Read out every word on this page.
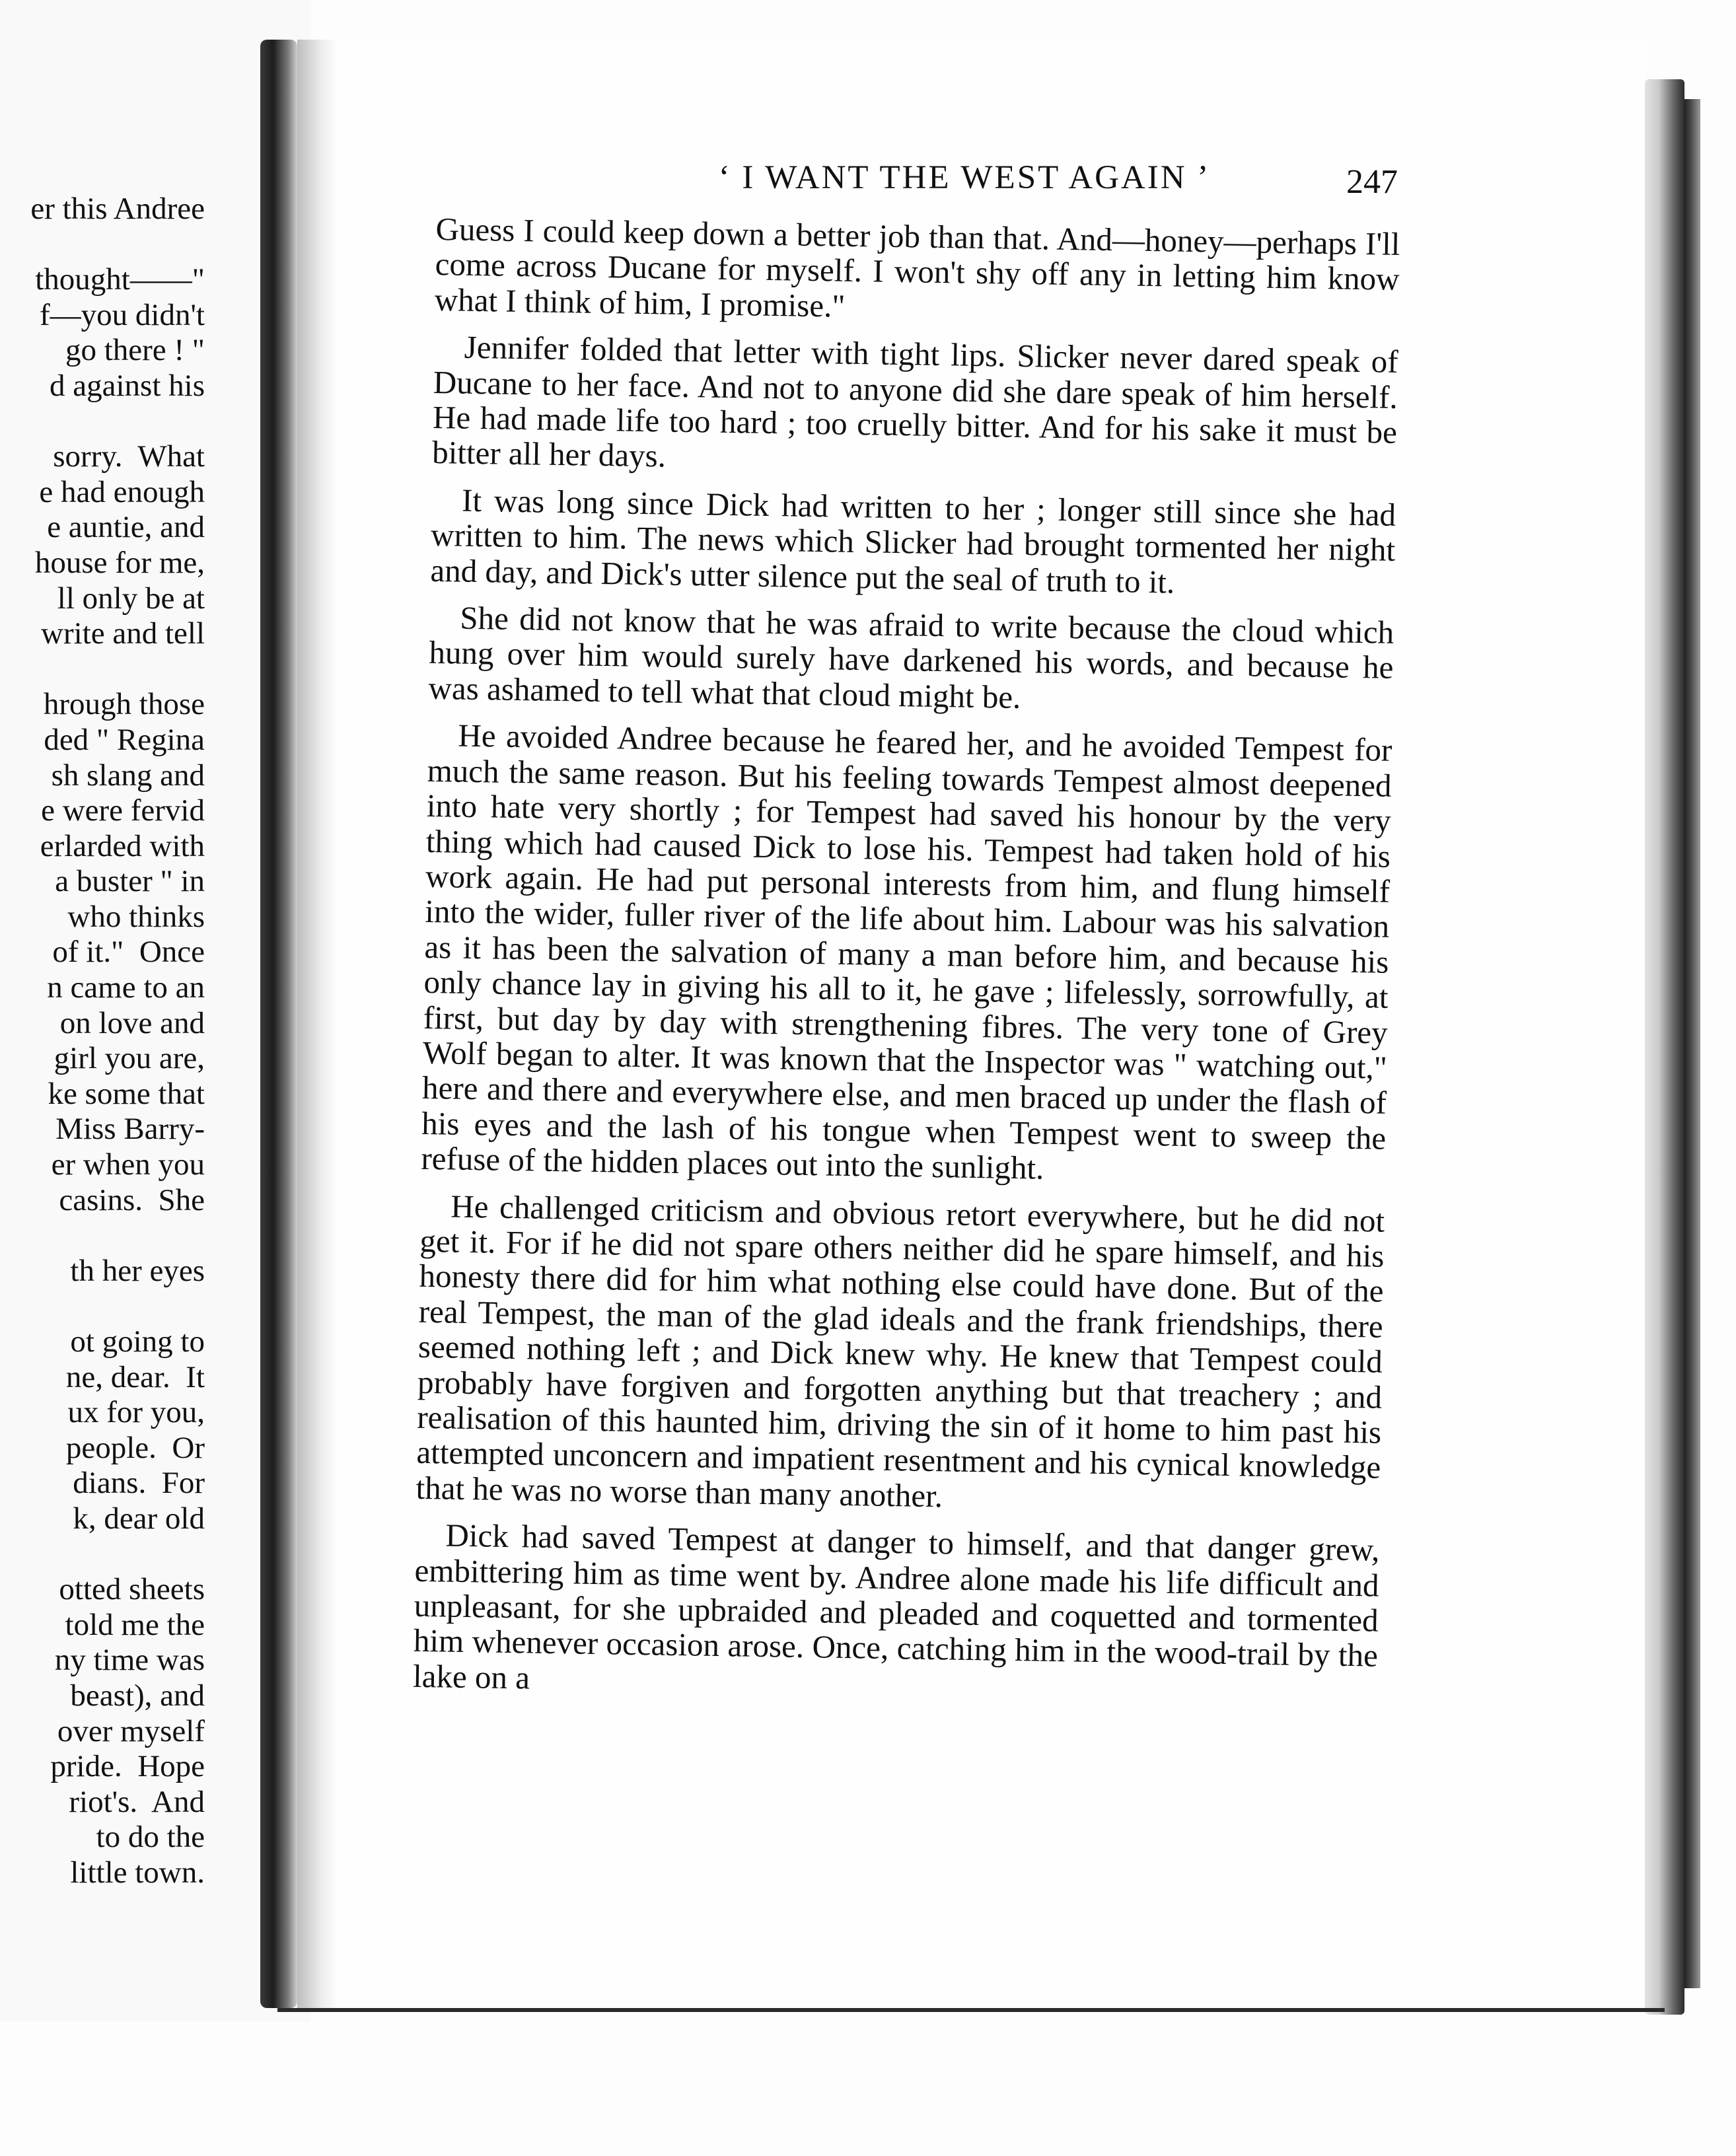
er this Andree

thought——"
f—you didn't
go there ! "
d against his

sorry.  What
e had enough
e auntie, and
house for me,
ll only be at
write and tell

hrough those
ded " Regina
sh slang and
e were fervid
erlarded with
a buster " in
who thinks
of it."  Once
n came to an
on love and
girl you are,
ke some that
Miss Barry-
er when you
casins.  She

th her eyes

ot going to
ne, dear.  It
ux for you,
people.  Or
dians.  For
k, dear old

otted sheets
told me the
ny time was
beast), and
over myself
pride.  Hope
riot's.  And
to do the
little town.
‘ I WANT THE WEST AGAIN ’	247

Guess I could keep down a better job than that. And—honey—perhaps I'll come across Ducane for myself. I won't shy off any in letting him know what I think of him, I promise."

Jennifer folded that letter with tight lips. Slicker never dared speak of Ducane to her face. And not to anyone did she dare speak of him herself. He had made life too hard ; too cruelly bitter. And for his sake it must be bitter all her days.

It was long since Dick had written to her ; longer still since she had written to him. The news which Slicker had brought tormented her night and day, and Dick's utter silence put the seal of truth to it.

She did not know that he was afraid to write because the cloud which hung over him would surely have darkened his words, and because he was ashamed to tell what that cloud might be.

He avoided Andree because he feared her, and he avoided Tempest for much the same reason. But his feeling towards Tempest almost deepened into hate very shortly ; for Tempest had saved his honour by the very thing which had caused Dick to lose his. Tempest had taken hold of his work again. He had put personal interests from him, and flung himself into the wider, fuller river of the life about him. Labour was his salvation as it has been the salvation of many a man before him, and because his only chance lay in giving his all to it, he gave ; lifelessly, sorrowfully, at first, but day by day with strengthening fibres. The very tone of Grey Wolf began to alter. It was known that the Inspector was " watching out," here and there and everywhere else, and men braced up under the flash of his eyes and the lash of his tongue when Tempest went to sweep the refuse of the hidden places out into the sunlight.

He challenged criticism and obvious retort everywhere, but he did not get it. For if he did not spare others neither did he spare himself, and his honesty there did for him what nothing else could have done. But of the real Tempest, the man of the glad ideals and the frank friendships, there seemed nothing left ; and Dick knew why. He knew that Tempest could probably have forgiven and forgotten anything but that treachery ; and realisation of this haunted him, driving the sin of it home to him past his attempted unconcern and impatient resentment and his cynical knowledge that he was no worse than many another.

Dick had saved Tempest at danger to himself, and that danger grew, embittering him as time went by. Andree alone made his life difficult and unpleasant, for she upbraided and pleaded and coquetted and tormented him whenever occasion arose. Once, catching him in the wood-trail by the lake on a
